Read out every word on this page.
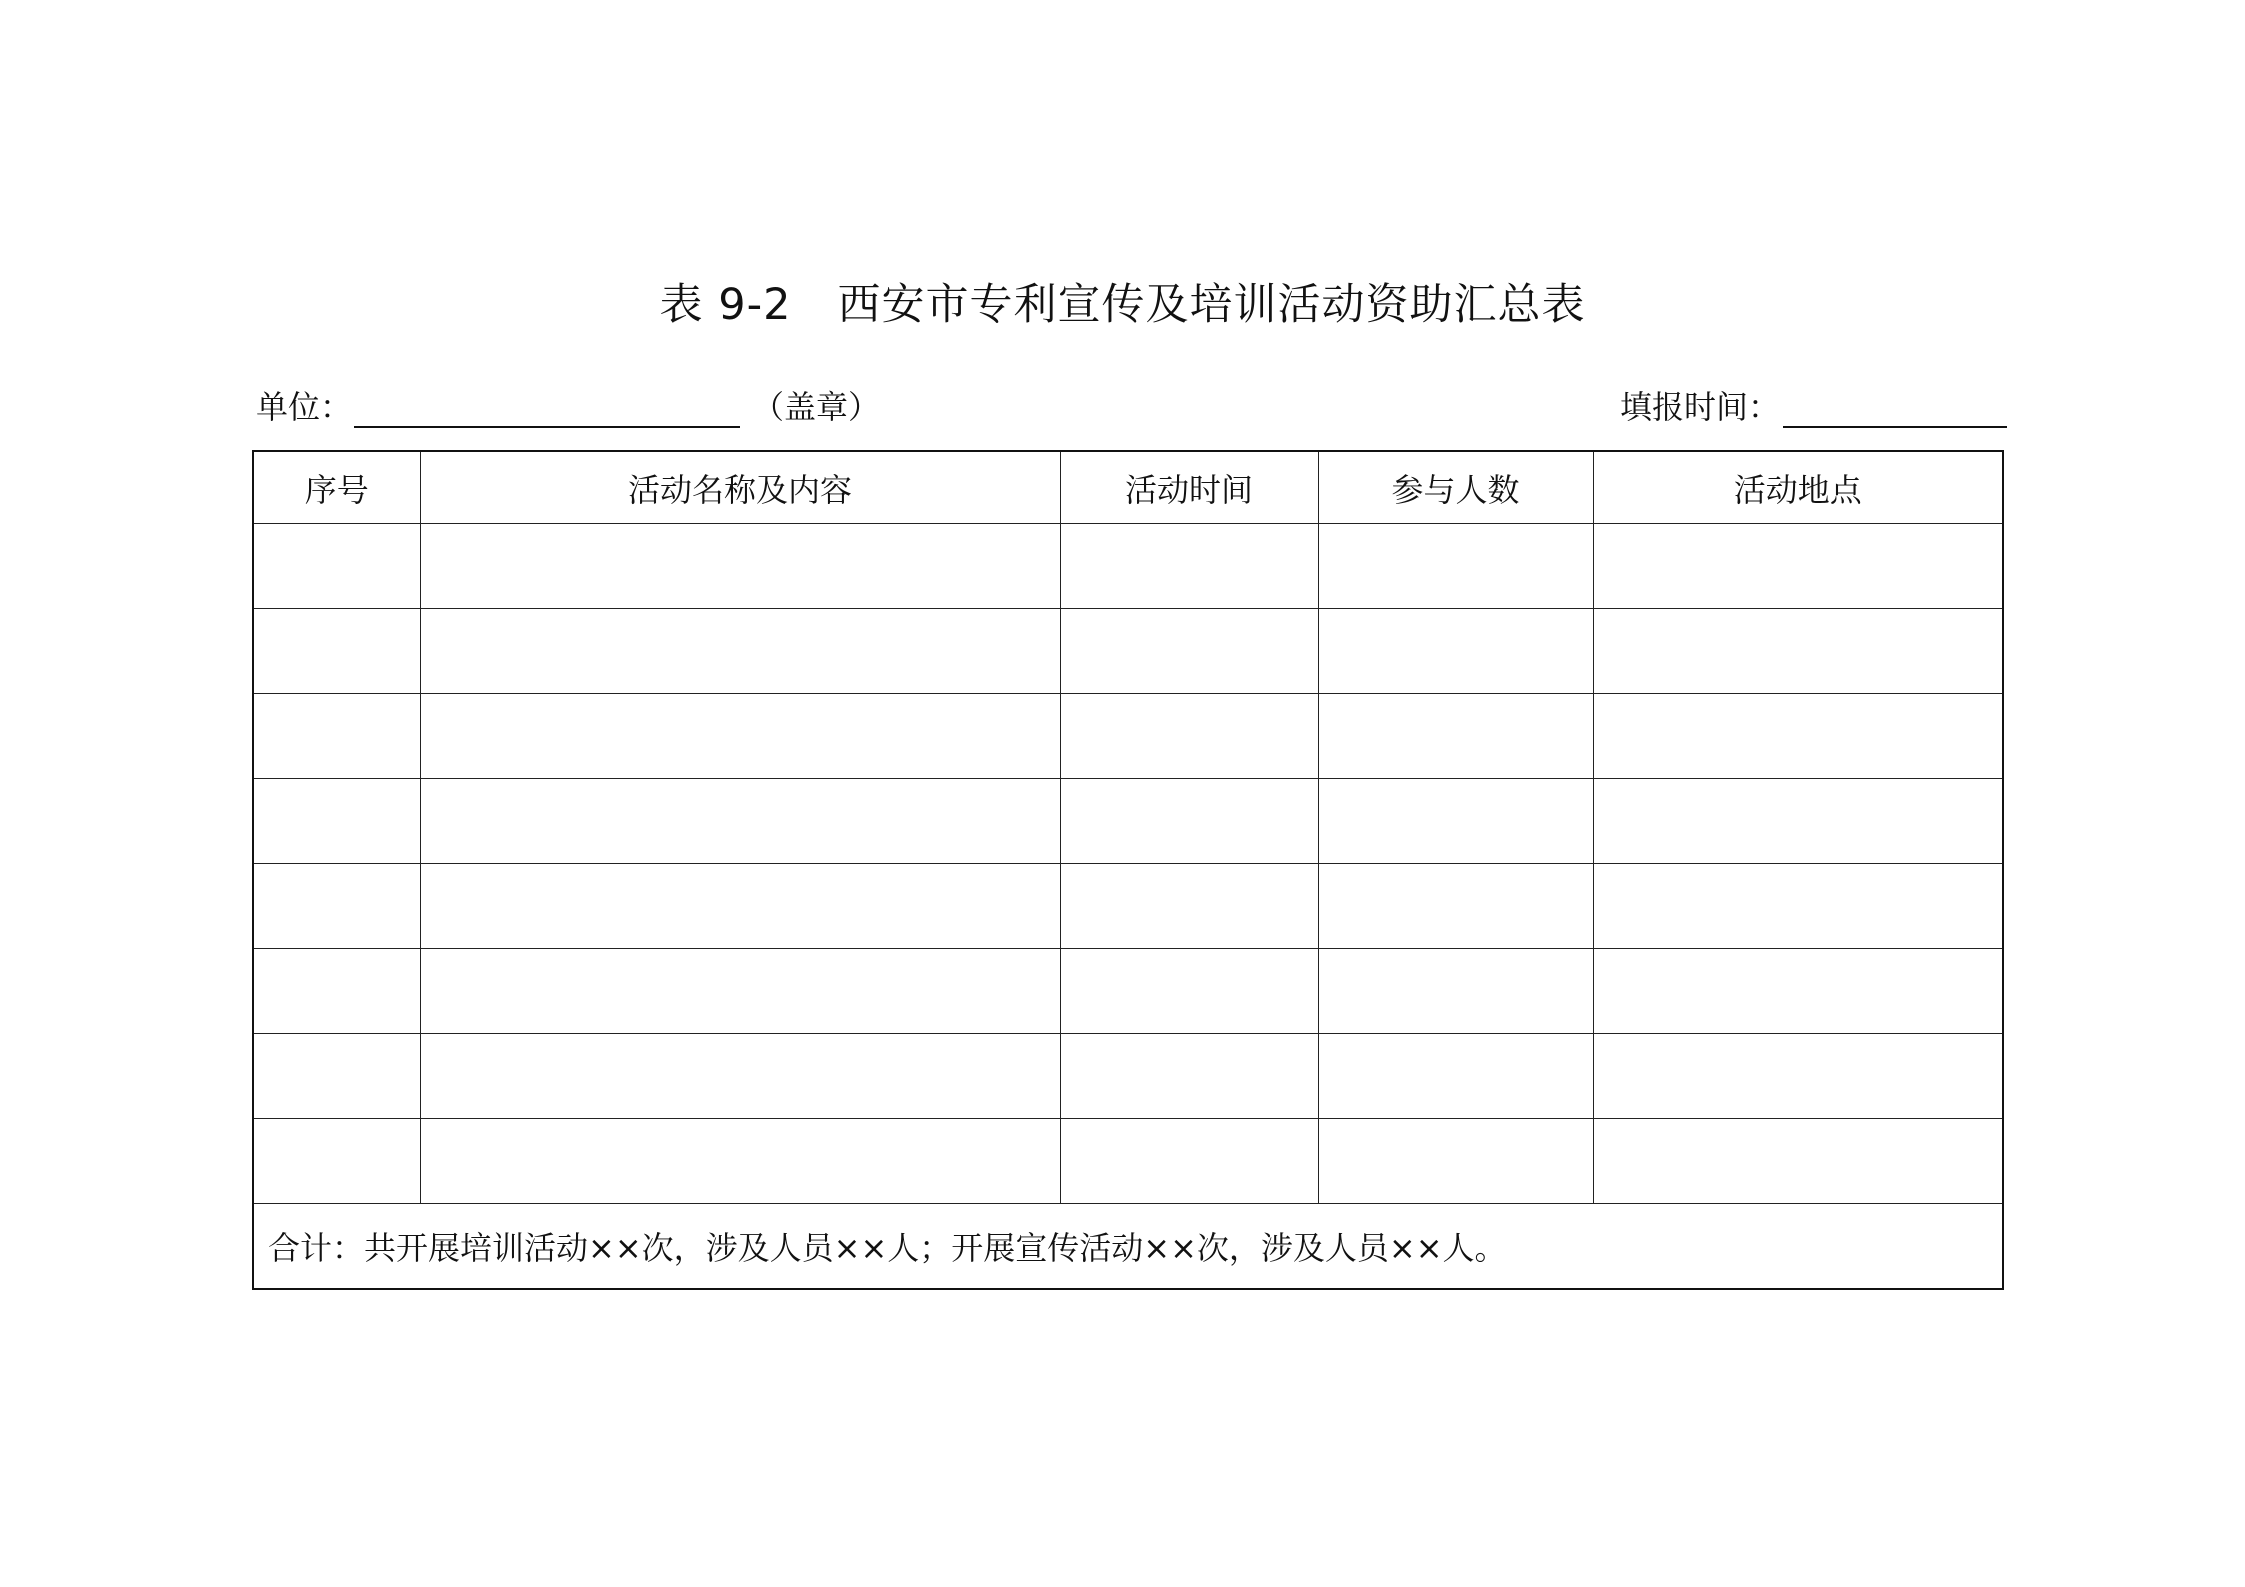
表 9-2 西安市专利宣传及培训活动资助汇总表
单位：	（盖章）	填报时间：
序号	活动名称及内容	活动时间	参与人数	活动地点

合计：共开展培训活动××次，涉及人员××人；开展宣传活动××次，涉及人员××人。				
